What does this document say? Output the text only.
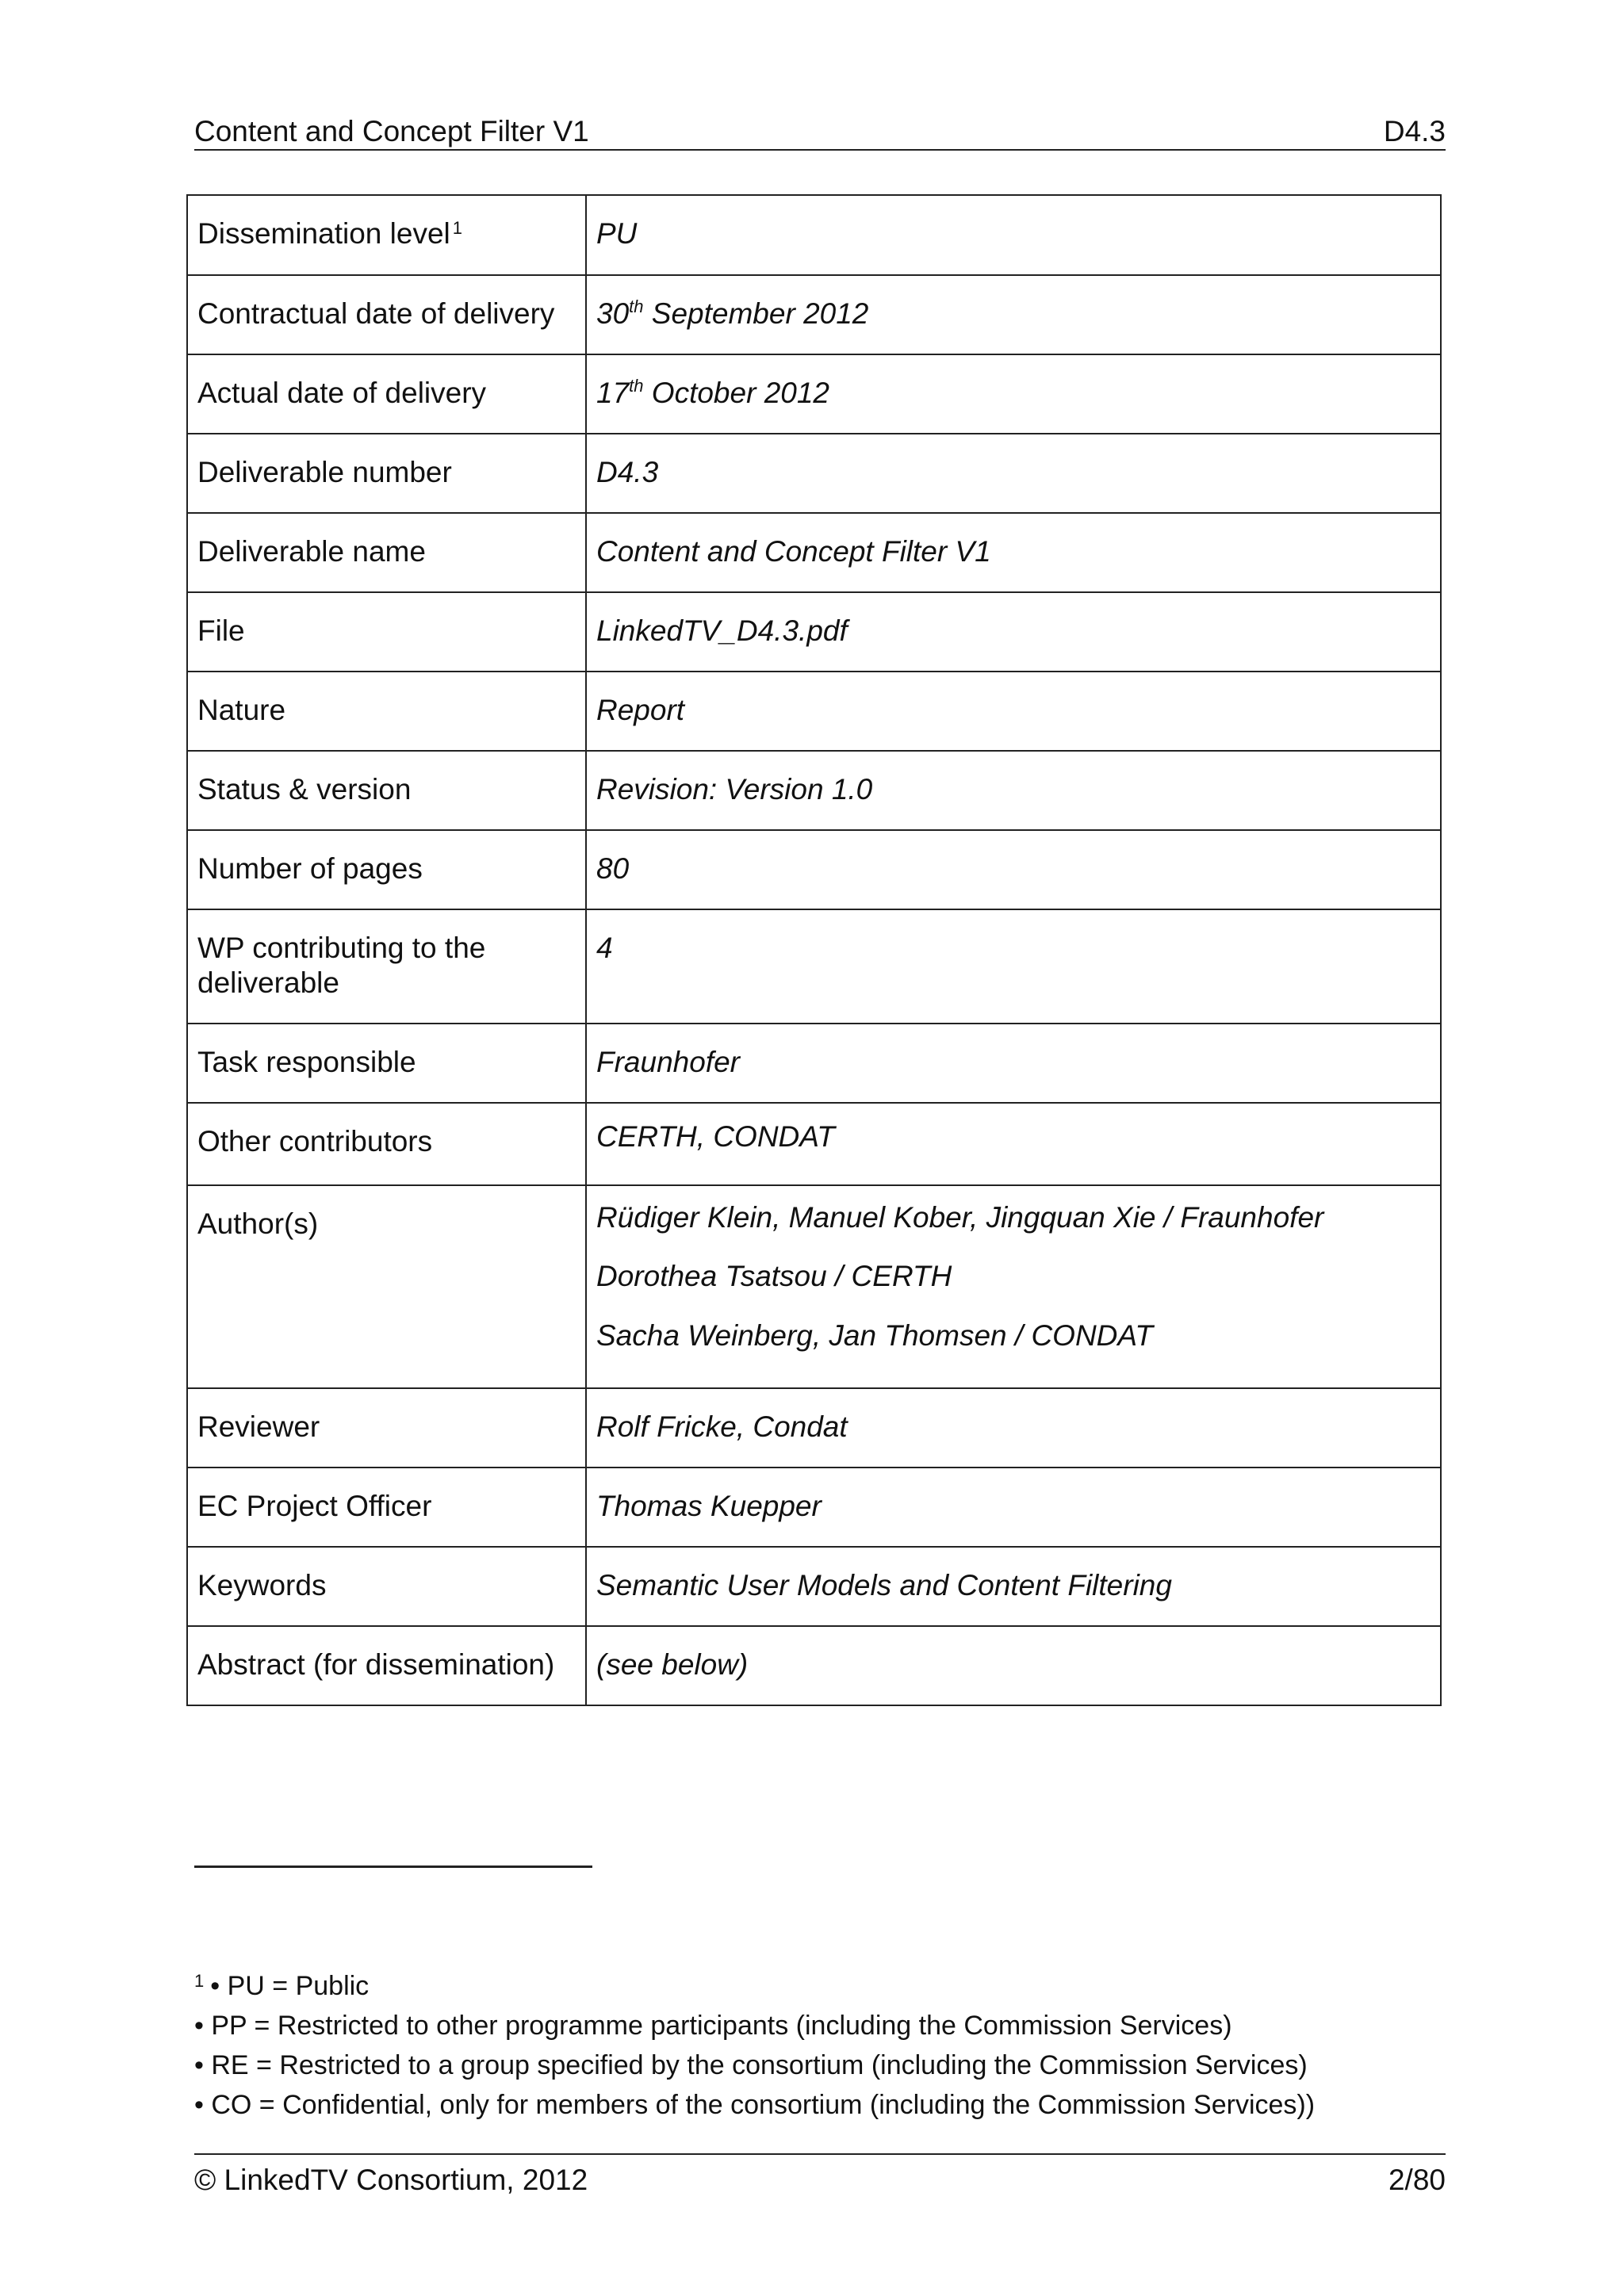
Content and Concept Filter V1	D4.3
Dissemination level $^1$	PU

Contractual date of delivery	30th September 2012

Actual date of delivery	17th October 2012

Deliverable number	D4.3

Deliverable name	Content and Concept Filter V1

File	LinkedTV_D4.3.pdf

Nature	Report

Status & version	Revision: Version 1.0

Number of pages	80

WP contributing to the deliverable	4

Task responsible	Fraunhofer

Other contributors	CERTH, CONDAT

Author(s)	Rüdiger Klein, Manuel Kober, Jingquan Xie / Fraunhofer
Dorothea Tsatsou / CERTH
Sacha Weinberg, Jan Thomsen / CONDAT

Reviewer	Rolf Fricke, Condat

EC Project Officer	Thomas Kuepper

Keywords	Semantic User Models and Content Filtering

Abstract (for dissemination)	(see below)
$^1$ • PU = Public
• PP = Restricted to other programme participants (including the Commission Services)
• RE = Restricted to a group specified by the consortium (including the Commission Services)
• CO = Confidential, only for members of the consortium (including the Commission Services))
© LinkedTV Consortium, 2012	2/80
